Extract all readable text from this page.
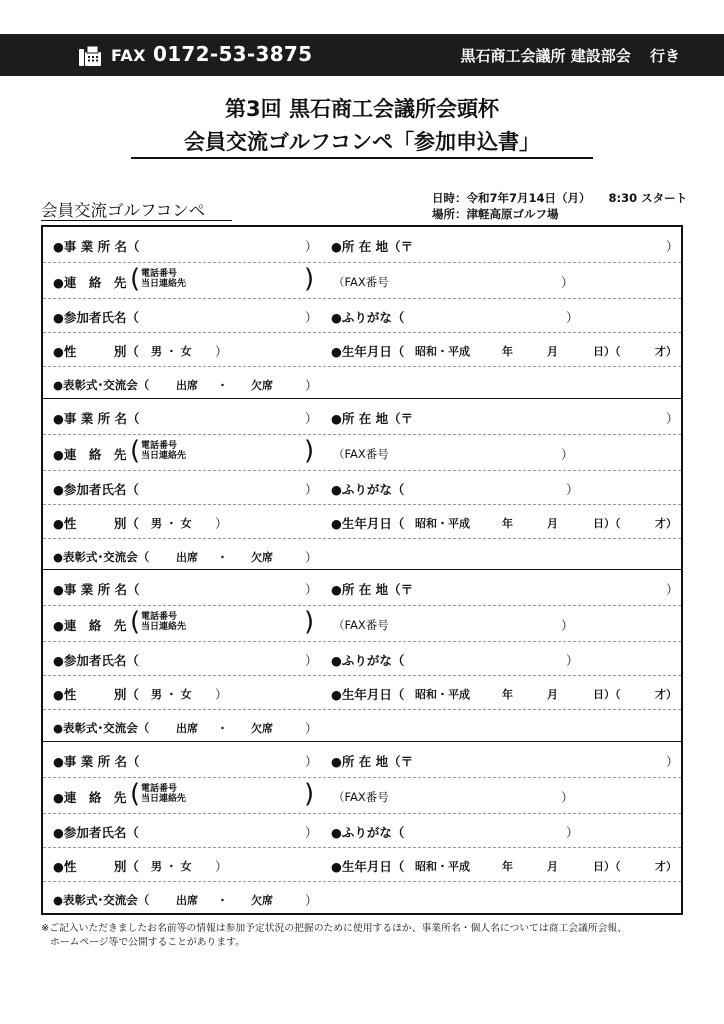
FAX 0172-53-3875	黒石商工会議所 建設部会 行き
第3回 黒石商工会議所会頭杯
会員交流ゴルフコンペ「参加申込書」
会員交流ゴルフコンペ
日時：令和7年7月14日（月） 8:30 スタート
場所：津軽高原ゴルフ場
●事 業 所 名（	） ●所 在 地（〒	）
●連　絡　先 ( 電話番号
当日連絡先	) （FAX番号	）
●参加者氏名（	） ●ふりがな（	）
●性　　　別（ 男 ・ 女 ）	●生年月日（ 昭和・平成	年	月	日）（	才）
●表彰式･交流会（ 出席 ・ 欠席	）
●事 業 所 名（	） ●所 在 地（〒	）
●連　絡　先 ( 電話番号
当日連絡先	) （FAX番号	）
●参加者氏名（	） ●ふりがな（	）
●性　　　別（ 男 ・ 女 ）	●生年月日（ 昭和・平成	年	月	日）（	才）
●表彰式･交流会（ 出席 ・ 欠席	）
●事 業 所 名（	） ●所 在 地（〒	）
●連　絡　先 ( 電話番号
当日連絡先	) （FAX番号	）
●参加者氏名（	） ●ふりがな（	）
●性　　　別（ 男 ・ 女 ）	●生年月日（ 昭和・平成	年	月	日）（	才）
●表彰式･交流会（ 出席 ・ 欠席	）
●事 業 所 名（	） ●所 在 地（〒	）
●連　絡　先 ( 電話番号
当日連絡先	) （FAX番号	）
●参加者氏名（	） ●ふりがな（	）
●性　　　別（ 男 ・ 女 ）	●生年月日（ 昭和・平成	年	月	日）（	才）
●表彰式･交流会（ 出席 ・ 欠席	）
※ご記入いただきましたお名前等の情報は参加予定状況の把握のために使用するほか、事業所名・個人名については商工会議所会報、
ホームページ等で公開することがあります。
